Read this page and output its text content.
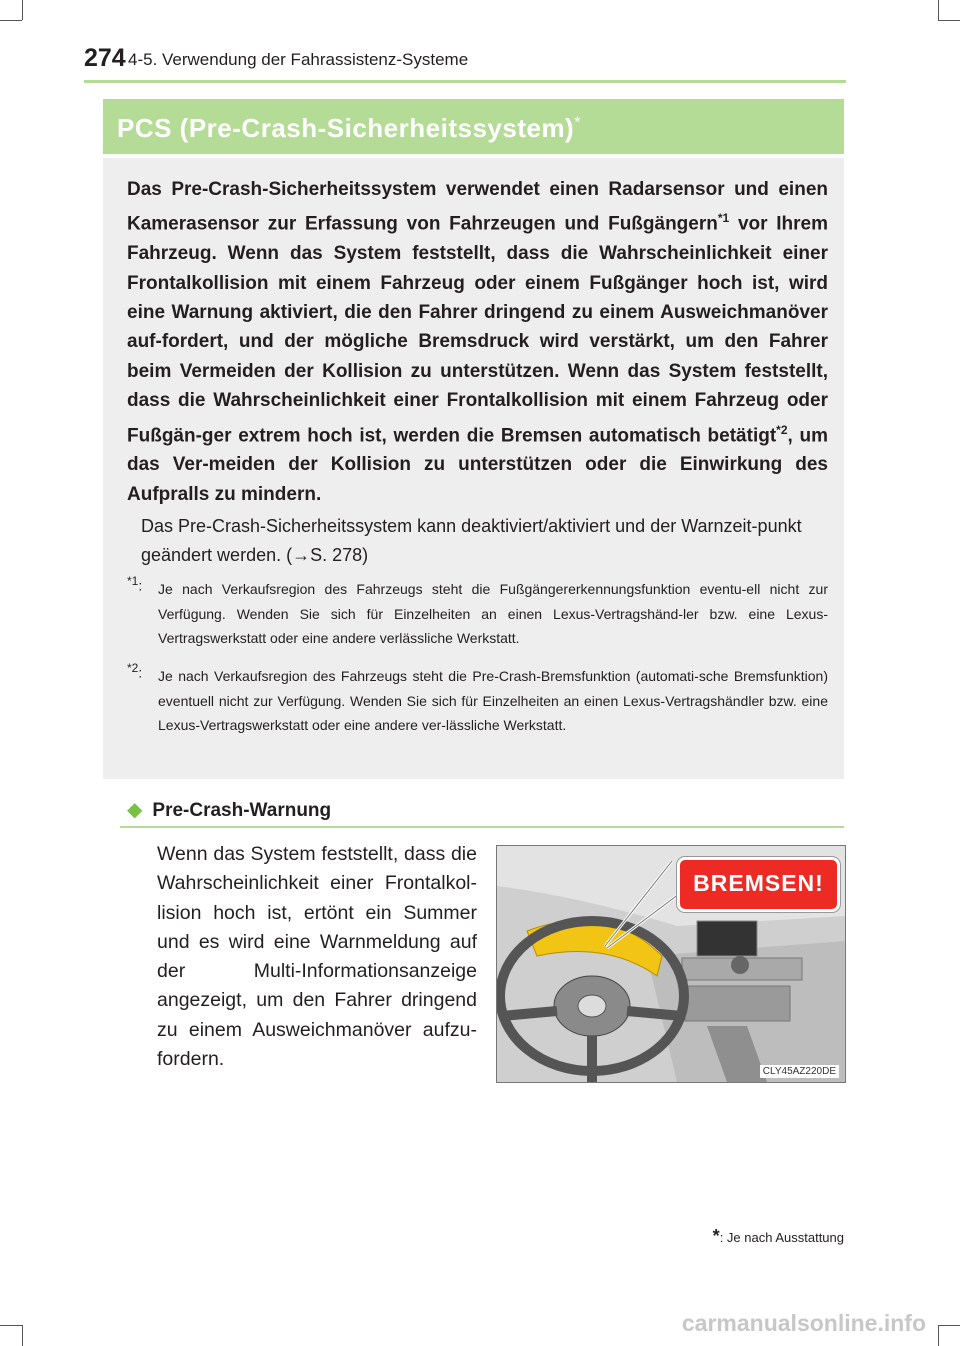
274 4-5. Verwendung der Fahrassistenz-Systeme
PCS (Pre-Crash-Sicherheitssystem)*
Das Pre-Crash-Sicherheitssystem verwendet einen Radarsensor und einen Kamerasensor zur Erfassung von Fahrzeugen und Fußgängern$^{*1}$ vor Ihrem Fahrzeug. Wenn das System feststellt, dass die Wahrscheinlichkeit einer Frontalkollision mit einem Fahrzeug oder einem Fußgänger hoch ist, wird eine Warnung aktiviert, die den Fahrer dringend zu einem Ausweichmanöver auf-fordert, und der mögliche Bremsdruck wird verstärkt, um den Fahrer beim Vermeiden der Kollision zu unterstützen. Wenn das System feststellt, dass die Wahrscheinlichkeit einer Frontalkollision mit einem Fahrzeug oder Fußgän-ger extrem hoch ist, werden die Bremsen automatisch betätigt$^{*2}$, um das Ver-meiden der Kollision zu unterstützen oder die Einwirkung des Aufpralls zu mindern.
Das Pre-Crash-Sicherheitssystem kann deaktiviert/aktiviert und der Warnzeit-punkt geändert werden. (→S. 278)
$^{*1}$: Je nach Verkaufsregion des Fahrzeugs steht die Fußgängererkennungsfunktion eventu-ell nicht zur Verfügung. Wenden Sie sich für Einzelheiten an einen Lexus-Vertragshänd-ler bzw. eine Lexus-Vertragswerkstatt oder eine andere verlässliche Werkstatt.
$^{*2}$: Je nach Verkaufsregion des Fahrzeugs steht die Pre-Crash-Bremsfunktion (automati-sche Bremsfunktion) eventuell nicht zur Verfügung. Wenden Sie sich für Einzelheiten an einen Lexus-Vertragshändler bzw. eine Lexus-Vertragswerkstatt oder eine andere ver-lässliche Werkstatt.
◆ Pre-Crash-Warnung
Wenn das System feststellt, dass die Wahrscheinlichkeit einer Frontalkol-lision hoch ist, ertönt ein Summer und es wird eine Warnmeldung auf der Multi-Informationsanzeige angezeigt, um den Fahrer dringend zu einem Ausweichmanöver aufzu-fordern.
BREMSEN!
CLY45AZ220DE
*: Je nach Ausstattung
carmanualsonline.info
